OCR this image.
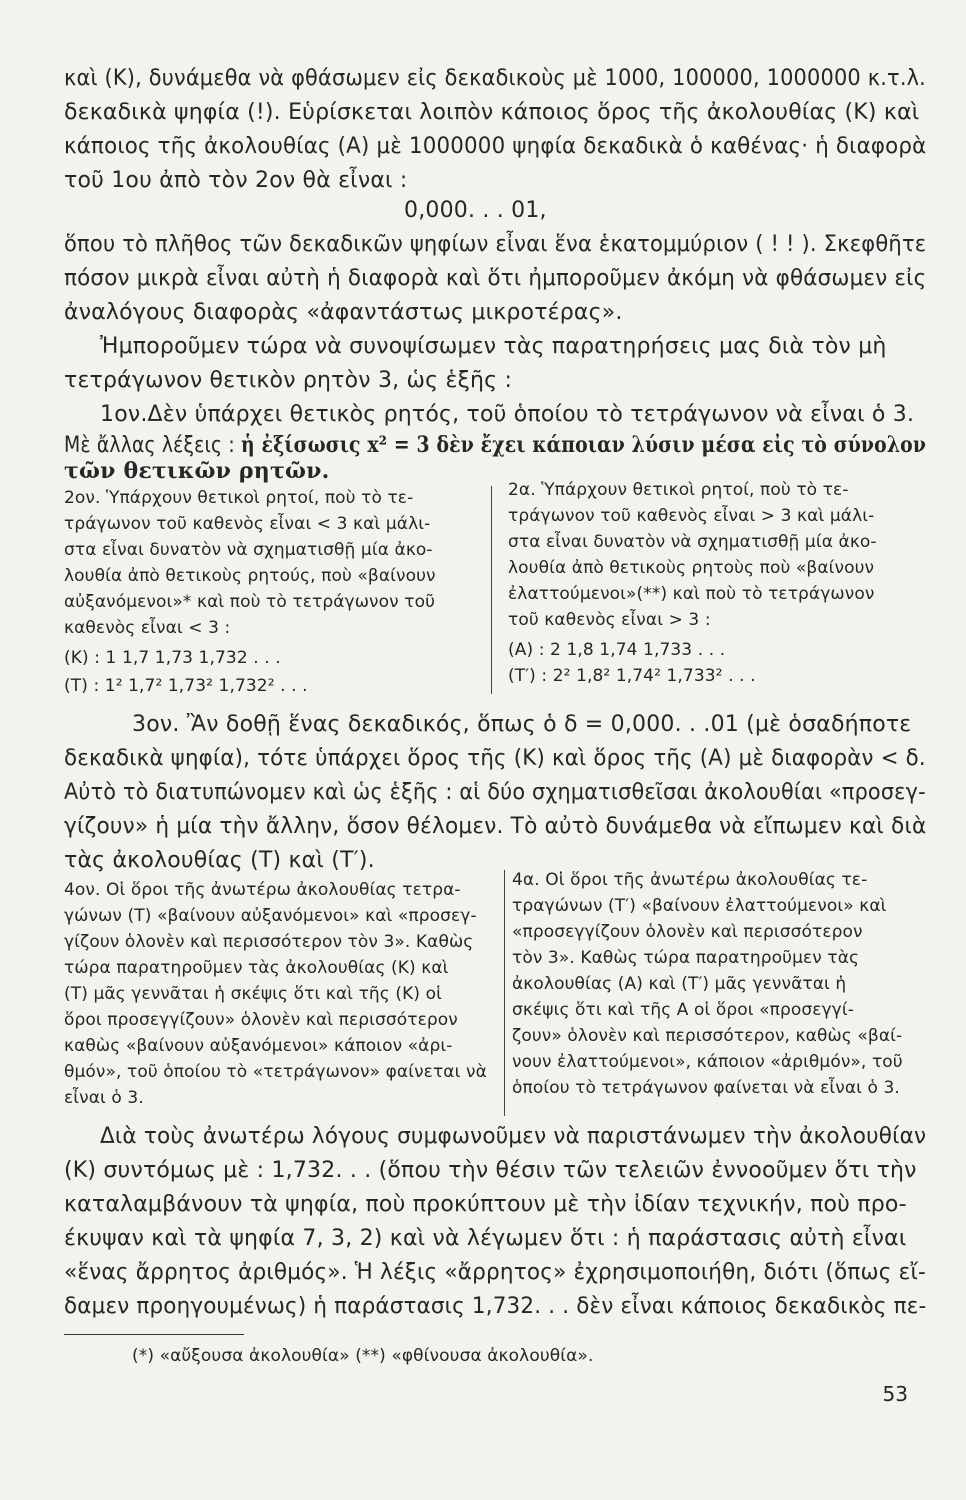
καὶ (Κ), δυνάμεθα νὰ φθάσωμεν εἰς δεκαδικοὺς μὲ 1000, 100000, 1000000 κ.τ.λ.
δεκαδικὰ ψηφία (!). Εὑρίσκεται λοιπὸν κάποιος ὅρος τῆς ἀκολουθίας (Κ) καὶ
κάποιος τῆς ἀκολουθίας (Α) μὲ 1000000 ψηφία δεκαδικὰ ὁ καθένας· ἡ διαφορὰ
τοῦ 1ου ἀπὸ τὸν 2ον θὰ εἶναι :
0,000. . . 01,
ὅπου τὸ πλῆθος τῶν δεκαδικῶν ψηφίων εἶναι ἕνα ἑκατομμύριον ( ! ! ). Σκεφθῆτε
πόσον μικρὰ εἶναι αὐτὴ ἡ διαφορὰ καὶ ὅτι ἠμποροῦμεν ἀκόμη νὰ φθάσωμεν εἰς
ἀναλόγους διαφορὰς «ἀφαντάστως μικροτέρας».
Ἠμποροῦμεν τώρα νὰ συνοψίσωμεν τὰς παρατηρήσεις μας διὰ τὸν μὴ
τετράγωνον θετικὸν ρητὸν 3, ὡς ἑξῆς :
1ον.Δὲν ὑπάρχει θετικὸς ρητός, τοῦ ὁποίου τὸ τετράγωνον νὰ εἶναι ὁ 3.
Μὲ ἄλλας λέξεις : ἡ ἐξίσωσις x² = 3 δὲν ἔχει κάποιαν λύσιν μέσα εἰς τὸ σύνολον
τῶν θετικῶν ρητῶν.
2ον. Ὑπάρχουν θετικοὶ ρητοί, ποὺ τὸ τε-
τράγωνον τοῦ καθενὸς εἶναι < 3 καὶ μάλι-
στα εἶναι δυνατὸν νὰ σχηματισθῇ μία ἀκο-
λουθία ἀπὸ θετικοὺς ρητούς, ποὺ «βαίνουν
αὐξανόμενοι»* καὶ ποὺ τὸ τετράγωνον τοῦ
καθενὸς εἶναι < 3 :
(Κ) : 1 1,7 1,73 1,732 . . .
(Τ) : 1² 1,7² 1,73² 1,732² . . .
2α. Ὑπάρχουν θετικοὶ ρητοί, ποὺ τὸ τε-
τράγωνον τοῦ καθενὸς εἶναι > 3 καὶ μάλι-
στα εἶναι δυνατὸν νὰ σχηματισθῇ μία ἀκο-
λουθία ἀπὸ θετικοὺς ρητοὺς ποὺ «βαίνουν
ἐλαττούμενοι»(**) καὶ ποὺ τὸ τετράγωνον
τοῦ καθενὸς εἶναι > 3 :
(Α) : 2 1,8 1,74 1,733 . . .
(Τ′) : 2² 1,8² 1,74² 1,733² . . .
3ον. Ἂν δοθῇ ἕνας δεκαδικός, ὅπως ὁ δ = 0,000. . .01 (μὲ ὁσαδήποτε
δεκαδικὰ ψηφία), τότε ὑπάρχει ὅρος τῆς (Κ) καὶ ὅρος τῆς (Α) μὲ διαφορὰν < δ.
Αὐτὸ τὸ διατυπώνομεν καὶ ὡς ἑξῆς : αἱ δύο σχηματισθεῖσαι ἀκολουθίαι «προσεγ-
γίζουν» ἡ μία τὴν ἄλλην, ὅσον θέλομεν. Τὸ αὐτὸ δυνάμεθα νὰ εἴπωμεν καὶ διὰ
τὰς ἀκολουθίας (Τ) καὶ (Τ′).
4ον. Οἱ ὅροι τῆς ἀνωτέρω ἀκολουθίας τετρα-
γώνων (Τ) «βαίνουν αὐξανόμενοι» καὶ «προσεγ-
γίζουν ὁλονὲν καὶ περισσότερον τὸν 3». Καθὼς
τώρα παρατηροῦμεν τὰς ἀκολουθίας (Κ) καὶ
(Τ) μᾶς γεννᾶται ἡ σκέψις ὅτι καὶ τῆς (Κ) οἱ
ὅροι προσεγγίζουν» ὁλονὲν καὶ περισσότερον
καθὼς «βαίνουν αὐξανόμενοι» κάποιον «ἀρι-
θμόν», τοῦ ὁποίου τὸ «τετράγωνον» φαίνεται νὰ
εἶναι ὁ 3.
4α. Οἱ ὅροι τῆς ἀνωτέρω ἀκολουθίας τε-
τραγώνων (Τ′) «βαίνουν ἐλαττούμενοι» καὶ
«προσεγγίζουν ὁλονὲν καὶ περισσότερον
τὸν 3». Καθὼς τώρα παρατηροῦμεν τὰς
ἀκολουθίας (Α) καὶ (Τ′) μᾶς γεννᾶται ἡ
σκέψις ὅτι καὶ τῆς Α οἱ ὅροι «προσεγγί-
ζουν» ὁλονὲν καὶ περισσότερον, καθὼς «βαί-
νουν ἐλαττούμενοι», κάποιον «ἀριθμόν», τοῦ
ὁποίου τὸ τετράγωνον φαίνεται νὰ εἶναι ὁ 3.
Διὰ τοὺς ἀνωτέρω λόγους συμφωνοῦμεν νὰ παριστάνωμεν τὴν ἀκολουθίαν
(Κ) συντόμως μὲ : 1,732. . . (ὅπου τὴν θέσιν τῶν τελειῶν ἐννοοῦμεν ὅτι τὴν
καταλαμβάνουν τὰ ψηφία, ποὺ προκύπτουν μὲ τὴν ἰδίαν τεχνικήν, ποὺ προ-
έκυψαν καὶ τὰ ψηφία 7, 3, 2) καὶ νὰ λέγωμεν ὅτι : ἡ παράστασις αὐτὴ εἶναι
«ἕνας ἄρρητος ἀριθμός». Ἡ λέξις «ἄρρητος» ἐχρησιμοποιήθη, διότι (ὅπως εἴ-
δαμεν προηγουμένως) ἡ παράστασις 1,732. . . δὲν εἶναι κάποιος δεκαδικὸς πε-
(*) «αὔξουσα ἀκολουθία» (**) «φθίνουσα ἀκολουθία».
53
